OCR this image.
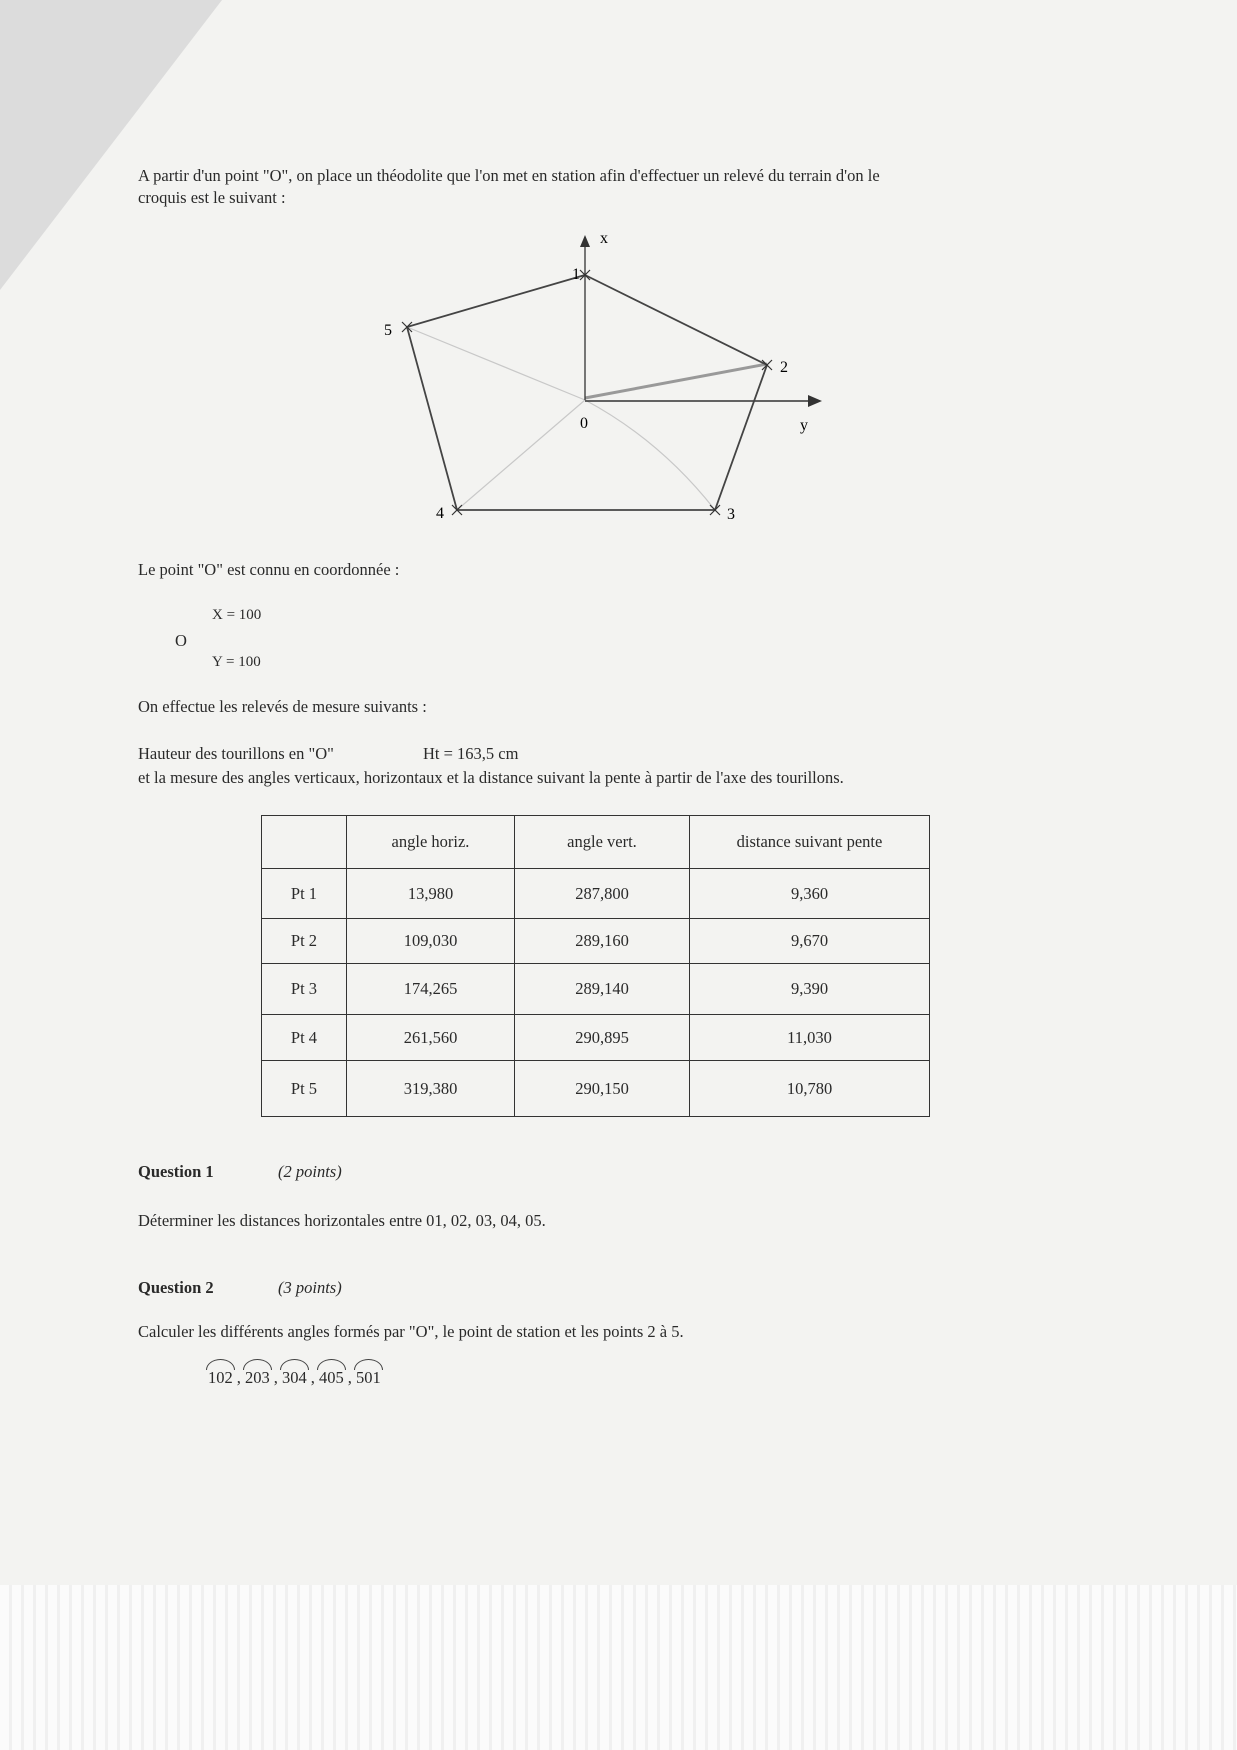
A partir d'un point "O", on place un théodolite que l'on met en station afin d'effectuer un relevé du terrain d'on le
croquis est le suivant :
x
y
0
1
2
3
4
5
Le point "O" est connu en coordonnée :
O
X = 100
Y = 100
On effectue les relevés de mesure suivants :
Hauteur des tourillons en "O"	Ht = 163,5 cm
et la mesure des angles verticaux, horizontaux et la distance suivant la pente à partir de l'axe des tourillons.
	angle horiz.	angle vert.	distance suivant pente
Pt 1	13,980	287,800	9,360
Pt 2	109,030	289,160	9,670
Pt 3	174,265	289,140	9,390
Pt 4	261,560	290,895	11,030
Pt 5	319,380	290,150	10,780
Question 1	(2 points)
Déterminer les distances horizontales entre 01, 02, 03, 04, 05.
Question 2	(3 points)
Calculer les différents angles formés par "O", le point de station et les points 2 à 5.
102 , 203 , 304 , 405 , 501
